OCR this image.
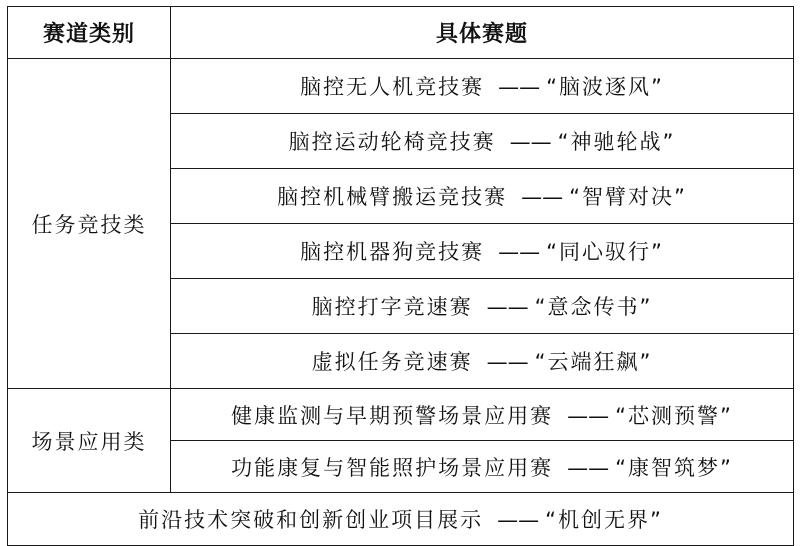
赛道类别	具体赛题
任务竞技类	脑控无人机竞技赛 —— “脑波逐风”
	脑控运动轮椅竞技赛 —— “神驰轮战”
	脑控机械臂搬运竞技赛 —— “智臂对决”
	脑控机器狗竞技赛 —— “同心驭行”
	脑控打字竞速赛 —— “意念传书”
	虚拟任务竞速赛 —— “云端狂飙”
场景应用类	健康监测与早期预警场景应用赛 —— “芯测预警”
	功能康复与智能照护场景应用赛 —— “康智筑梦”
前沿技术突破和创新创业项目展示 —— “机创无界”	
